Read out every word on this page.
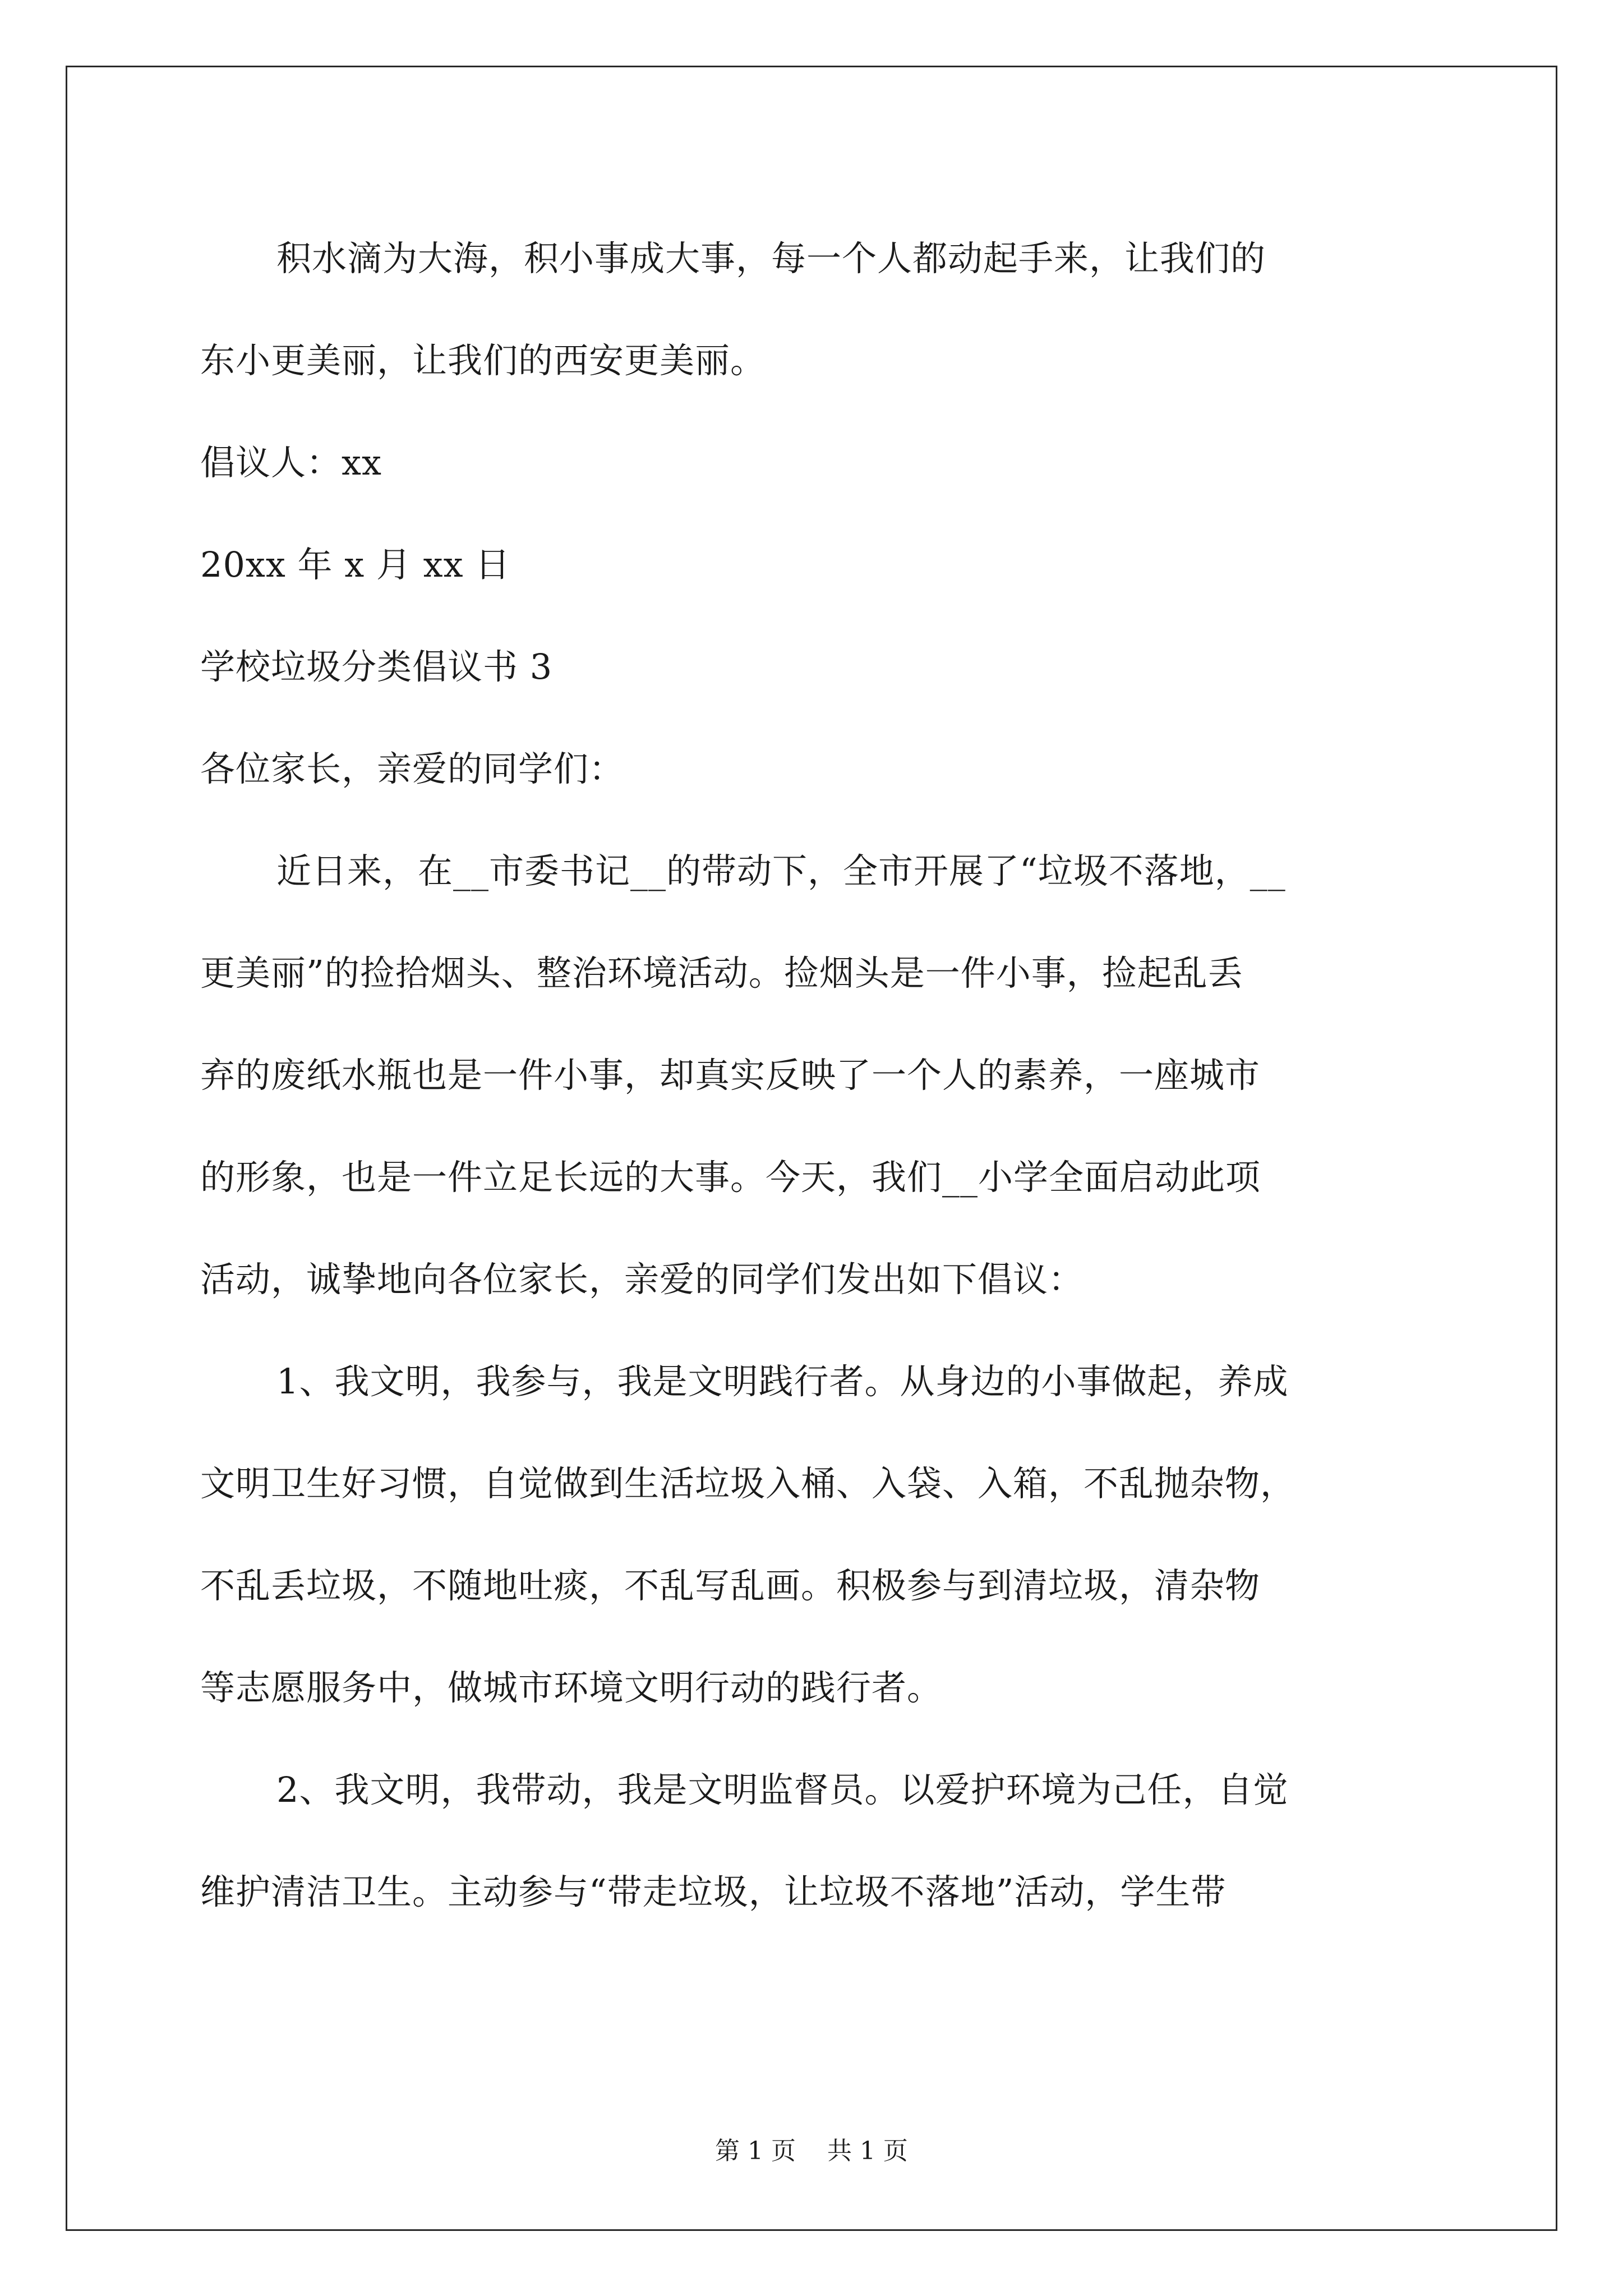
积水滴为大海，积小事成大事，每一个人都动起手来，让我们的

东小更美丽，让我们的西安更美丽。

倡议人：xx

20xx 年 x 月 xx 日

学校垃圾分类倡议书 3

各位家长，亲爱的同学们：

近日来，在__市委书记__的带动下，全市开展了“垃圾不落地，__

更美丽”的捡拾烟头、整治环境活动。捡烟头是一件小事，捡起乱丢

弃的废纸水瓶也是一件小事，却真实反映了一个人的素养，一座城市

的形象，也是一件立足长远的大事。今天，我们__小学全面启动此项

活动，诚挚地向各位家长，亲爱的同学们发出如下倡议：

1、我文明，我参与，我是文明践行者。从身边的小事做起，养成

文明卫生好习惯，自觉做到生活垃圾入桶、入袋、入箱，不乱抛杂物，

不乱丢垃圾，不随地吐痰，不乱写乱画。积极参与到清垃圾，清杂物

等志愿服务中，做城市环境文明行动的践行者。

2、我文明，我带动，我是文明监督员。以爱护环境为己任，自觉

维护清洁卫生。主动参与“带走垃圾，让垃圾不落地”活动，学生带

第 1 页    共 1 页
